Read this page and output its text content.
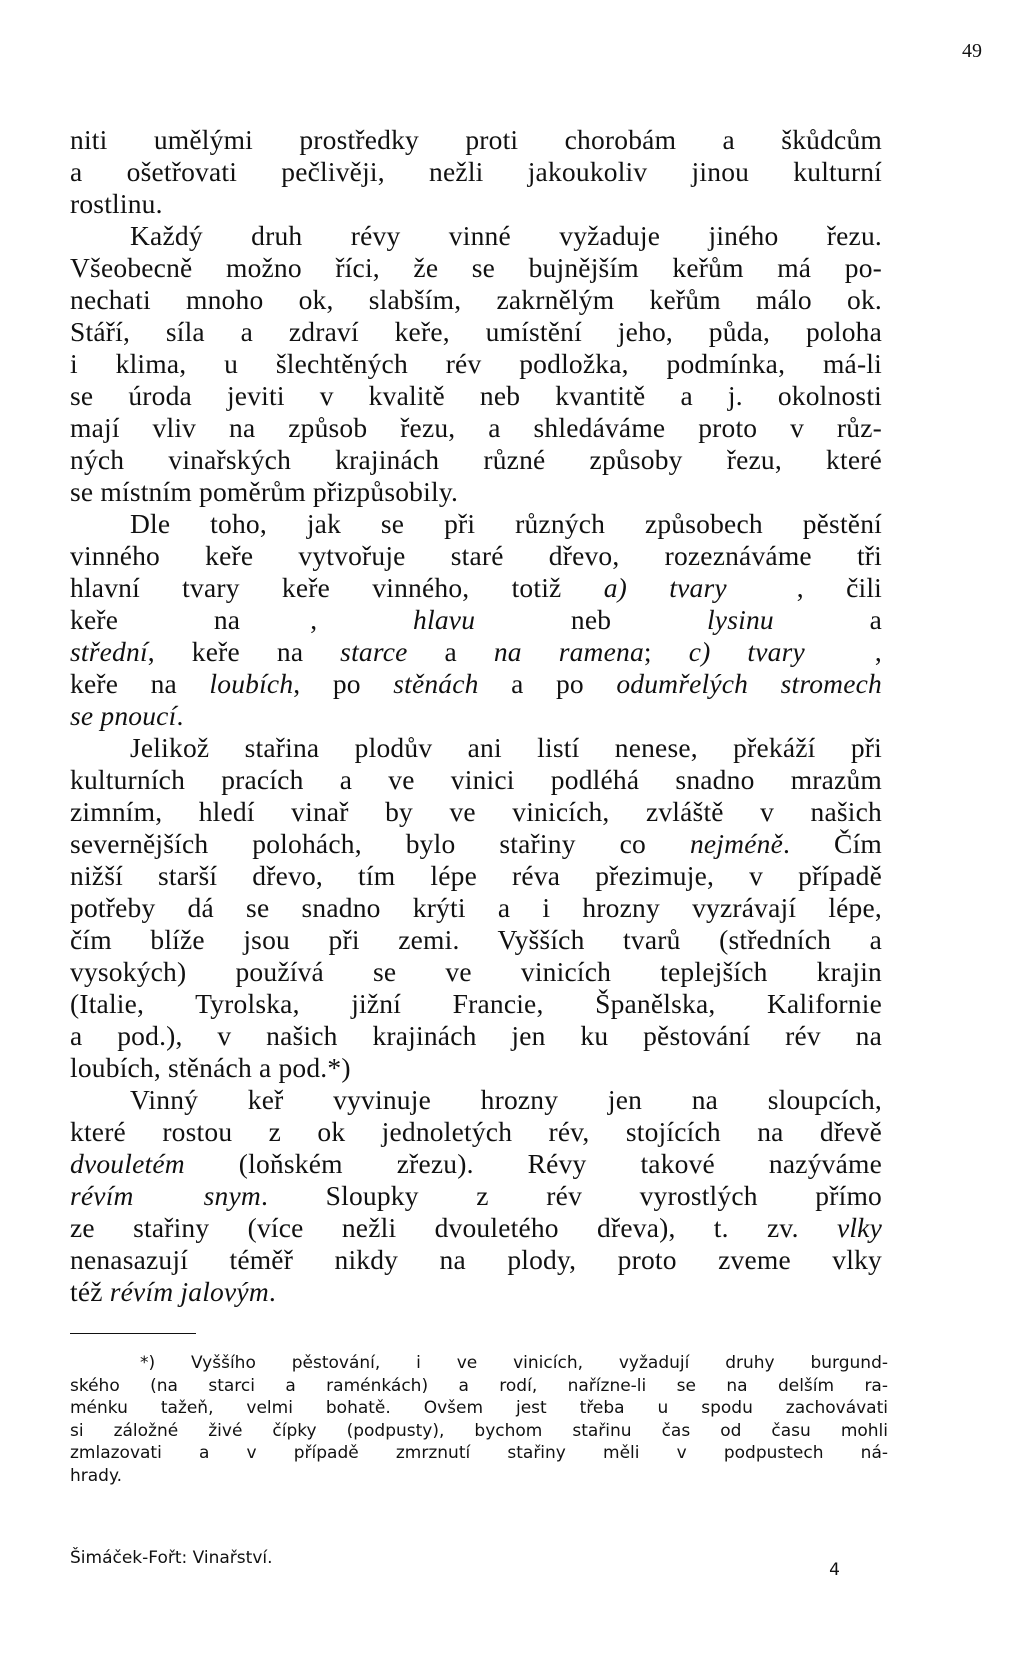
49
niti umělými prostředky proti chorobám a škůdcům
a ošetřovati pečlivěji, nežli jakoukoliv jinou kulturní
rostlinu.
Každý druh révy vinné vyžaduje jiného řezu.
Všeobecně možno říci, že se bujnějším keřům má po-
nechati mnoho ok, slabším, zakrnělým keřům málo ok.
Stáří, síla a zdraví keře, umístění jeho, půda, poloha
i klima, u šlechtěných rév podložka, podmínka, má-li
se úroda jeviti v kvalitě neb kvantitě a j. okolnosti
mají vliv na způsob řezu, a shledáváme proto v růz-
ných vinařských krajinách různé způsoby řezu, které
se místním poměrům přizpůsobily.
Dle toho, jak se při různých způsobech pěstění
vinného keře vytvořuje staré dřevo, rozeznáváme tři
hlavní tvary keře vinného, totiž a) tvary	, čili
keře na	, hlavu neb lysinu a
střední, keře na starce a na ramena; c) tvary	,
keře na loubích, po stěnách a po odumřelých stromech
se pnoucí.
Jelikož stařina plodův ani listí nenese, překáží při
kulturních pracích a ve vinici podléhá snadno mrazům
zimním, hledí vinař by ve vinicích, zvláště v našich
severnějších polohách, bylo stařiny co nejméně. Čím
nižší starší dřevo, tím lépe réva přezimuje, v případě
potřeby dá se snadno krýti a i hrozny vyzrávají lépe,
čím blíže jsou při zemi. Vyšších tvarů (středních a
vysokých) používá se ve vinicích teplejších krajin
(Italie, Tyrolska, jižní Francie, Španělska, Kalifornie
a pod.), v našich krajinách jen ku pěstování rév na
loubích, stěnách a pod.*)
Vinný keř vyvinuje hrozny jen na sloupcích,
které rostou z ok jednoletých rév, stojících na dřevě
dvouletém (loňském zřezu). Révy takové nazýváme
révím	snym. Sloupky z rév vyrostlých přímo
ze stařiny (více nežli dvouletého dřeva), t. zv. vlky
nenasazují téměř nikdy na plody, proto zveme vlky
též révím jalovým.
*) Vyššího pěstování, i ve vinicích, vyžadují druhy burgund-
ského (na starci a raménkách) a rodí, nařízne-li se na delším ra-
ménku tažeň, velmi bohatě. Ovšem jest třeba u spodu zachovávati
si záložné živé čípky (podpusty), bychom stařinu čas od času mohli
zmlazovati a v případě zmrznutí stařiny měli v podpustech ná-
hrady.
Šimáček-Fořt: Vinařství.
4
